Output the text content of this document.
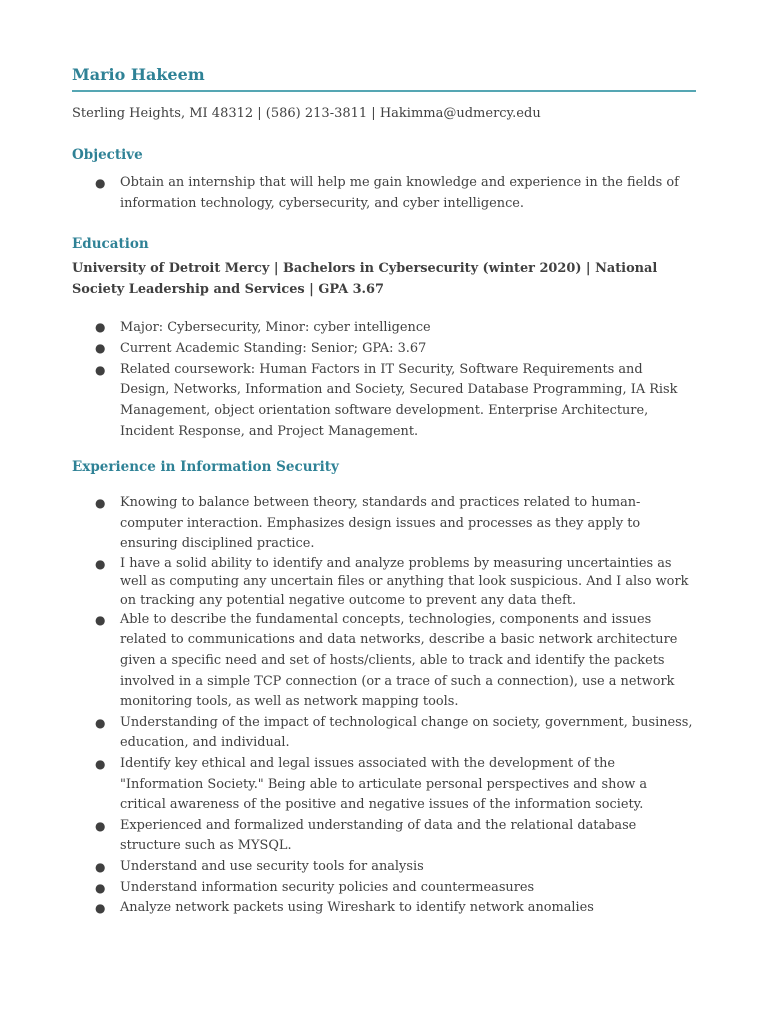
Mario Hakeem
Sterling Heights, MI 48312 | (586) 213-3811 | Hakimma@udmercy.edu
Objective
● Obtain an internship that will help me gain knowledge and experience in the fields of information technology, cybersecurity, and cyber intelligence.
Education
University of Detroit Mercy | Bachelors in Cybersecurity (winter 2020) | National Society Leadership and Services | GPA 3.67
● Major: Cybersecurity, Minor: cyber intelligence
● Current Academic Standing: Senior; GPA: 3.67
● Related coursework: Human Factors in IT Security, Software Requirements and Design, Networks, Information and Society, Secured Database Programming, IA Risk Management, object orientation software development. Enterprise Architecture, Incident Response, and Project Management.
Experience in Information Security
● Knowing to balance between theory, standards and practices related to human-computer interaction. Emphasizes design issues and processes as they apply to ensuring disciplined practice.
● I have a solid ability to identify and analyze problems by measuring uncertainties as well as computing any uncertain files or anything that look suspicious. And I also work on tracking any potential negative outcome to prevent any data theft.
● Able to describe the fundamental concepts, technologies, components and issues related to communications and data networks, describe a basic network architecture given a specific need and set of hosts/clients, able to track and identify the packets involved in a simple TCP connection (or a trace of such a connection), use a network monitoring tools, as well as network mapping tools.
● Understanding of the impact of technological change on society, government, business, education, and individual.
● Identify key ethical and legal issues associated with the development of the "Information Society." Being able to articulate personal perspectives and show a critical awareness of the positive and negative issues of the information society.
● Experienced and formalized understanding of data and the relational database structure such as MYSQL.
● Understand and use security tools for analysis
● Understand information security policies and countermeasures
● Analyze network packets using Wireshark to identify network anomalies
